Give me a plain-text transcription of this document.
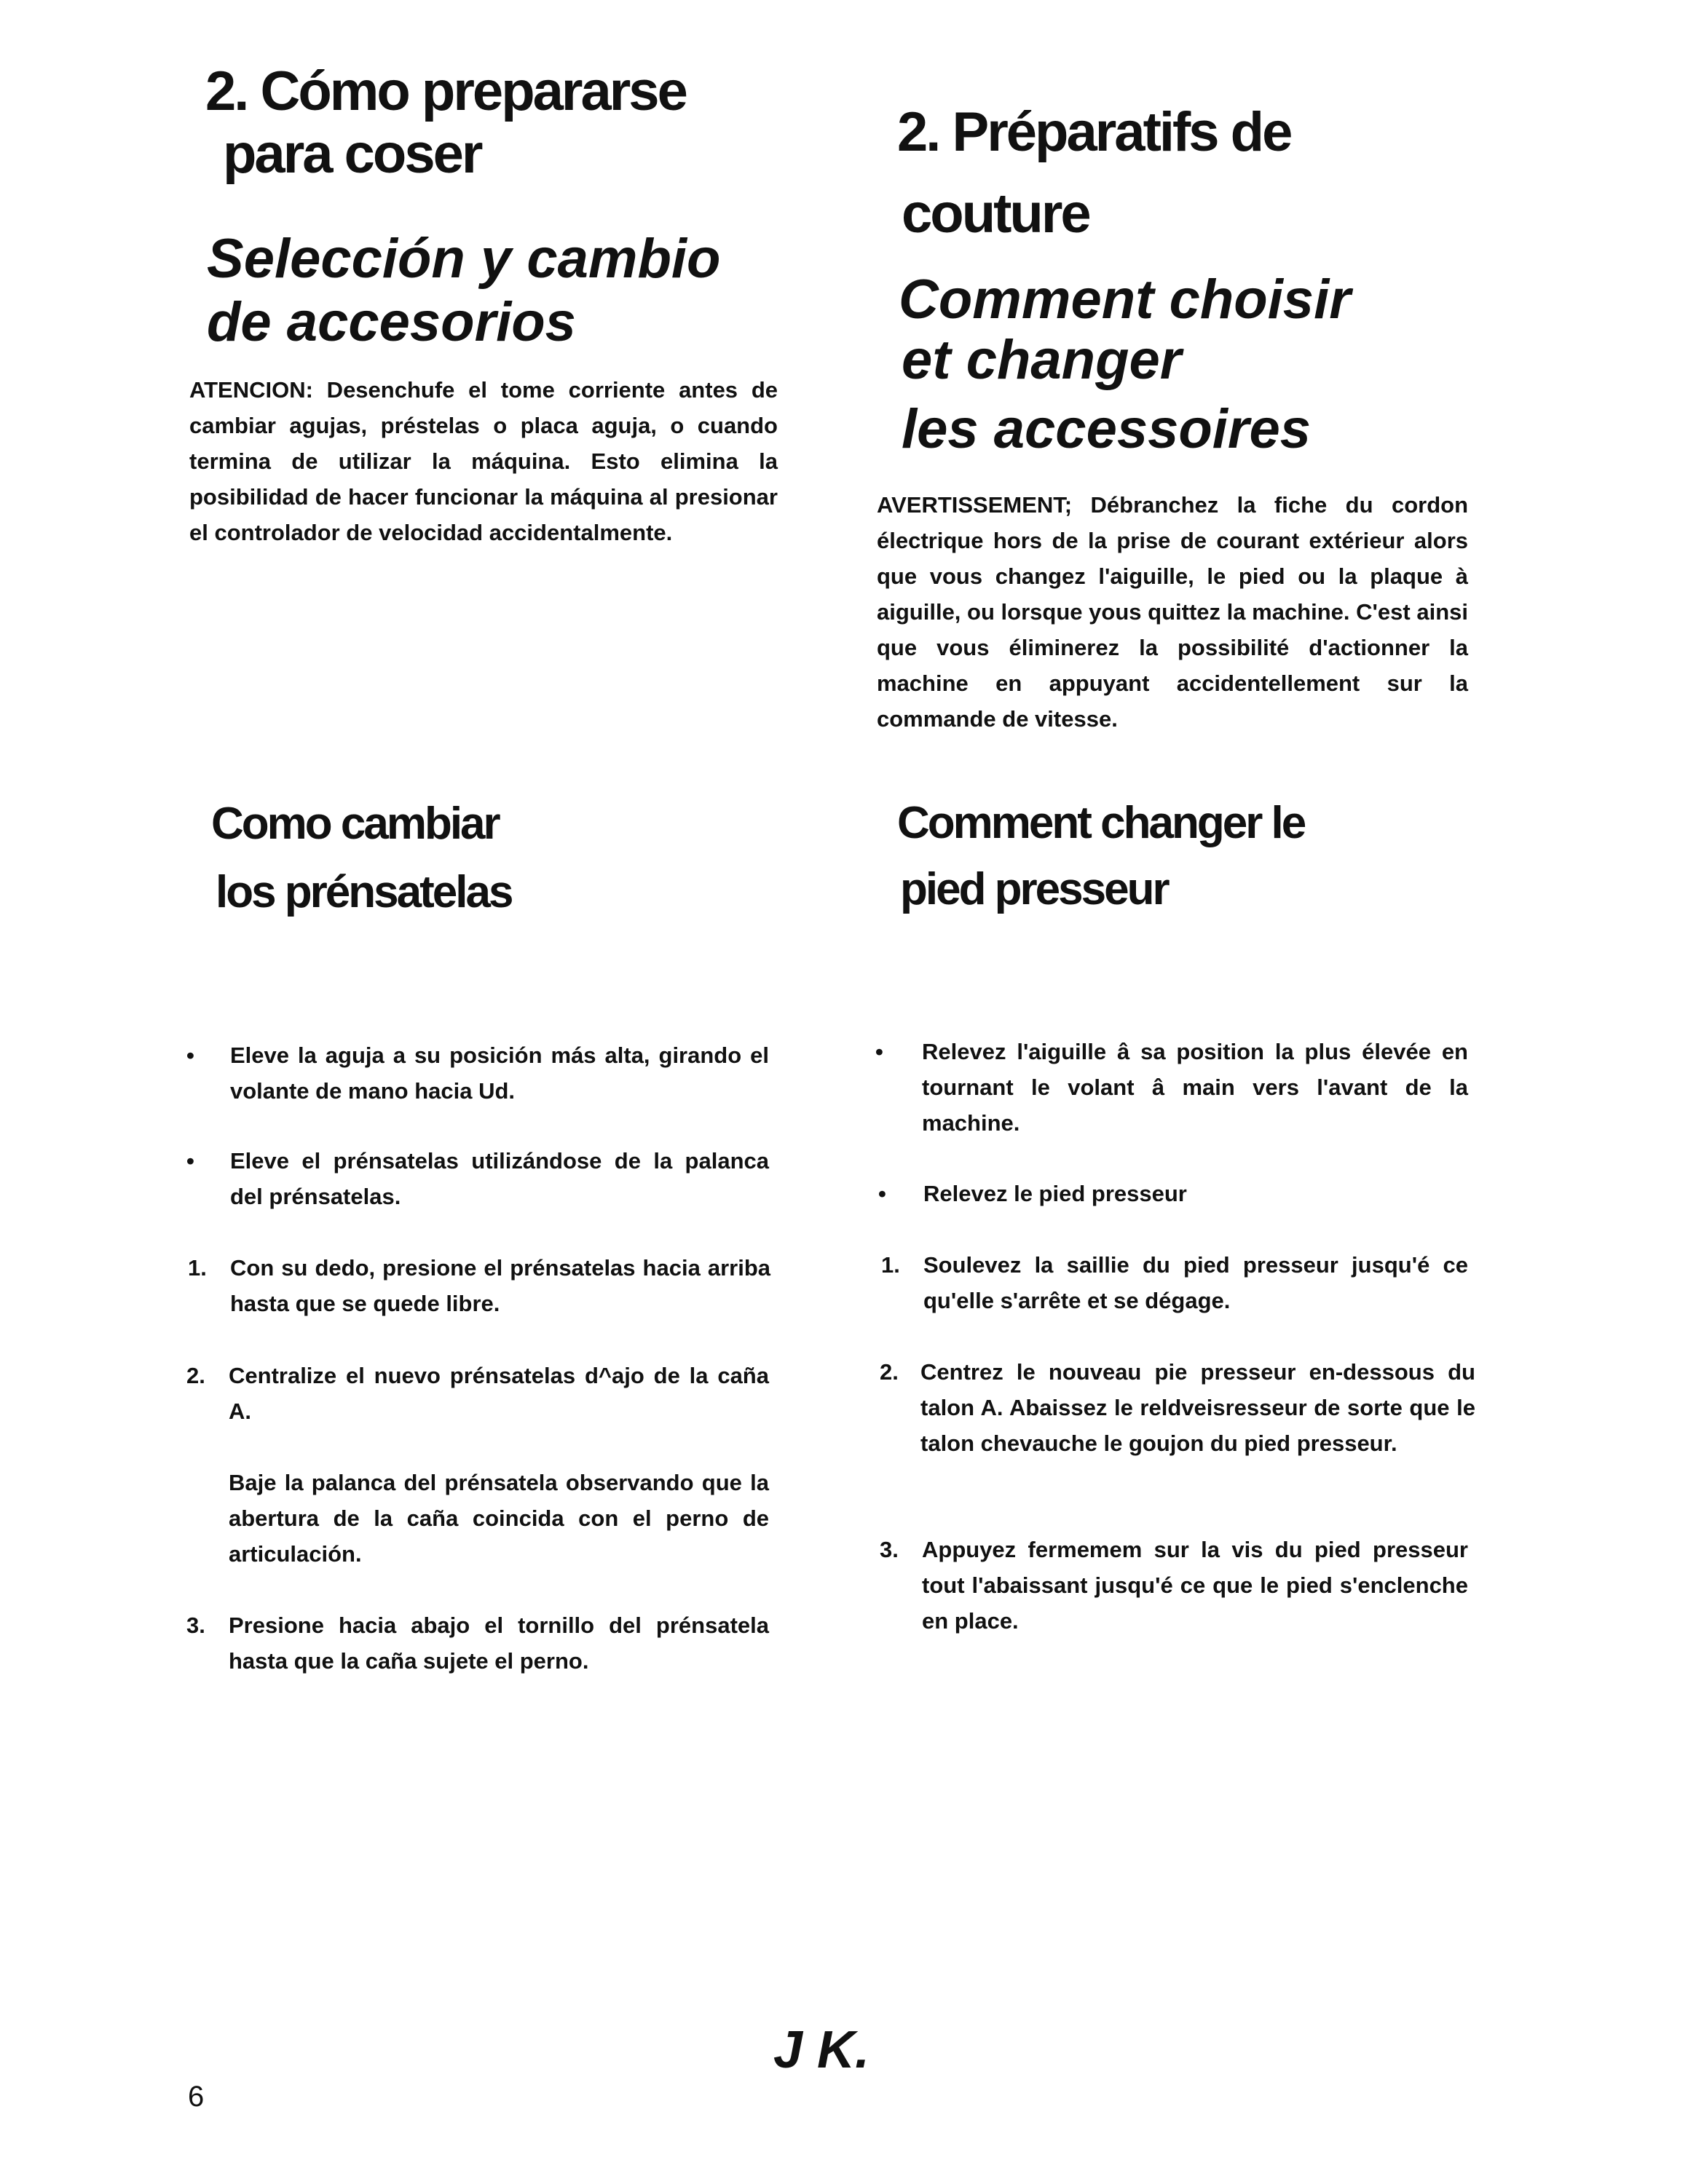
2. Cómo prepararse
para coser
Selección y cambio
de accesorios

ATENCION: Desenchufe el tome corriente antes de cambiar agujas, préstelas o placa aguja, o cuando termina de utilizar la máquina. Esto elimina la posibilidad de hacer funcionar la máquina al presionar el controlador de velocidad accidentalmente.

Como cambiar
los prénsatelas
• Eleve la aguja a su posición más alta, girando el volante de mano hacia Ud.
• Eleve el prénsatelas utilizándose de la palanca del prénsatelas.
1. Con su dedo, presione el prénsatelas hacia arriba hasta que se quede libre.
2. Centralize el nuevo prénsatelas d^ajo de la caña A.
Baje la palanca del prénsatela observando que la abertura de la caña coincida con el perno de articulación.
3. Presione hacia abajo el tornillo del prénsatela hasta que la caña sujete el perno.
2. Préparatifs de
couture
Comment choisir
et changer
les accessoires

AVERTISSEMENT; Débranchez la fiche du cordon électrique hors de la prise de courant extérieur alors que vous changez l'aiguille, le pied ou la plaque à aiguille, ou lorsque yous quittez la machine. C'est ainsi que vous éliminerez la possibilité d'actionner la machine en appuyant accidentellement sur la commande de vitesse.

Comment changer le
pied presseur
• Relevez l'aiguille â sa position la plus élevée en tournant le volant â main vers l'avant de la machine.
• Relevez le pied presseur
1. Soulevez la saillie du pied presseur jusqu'é ce qu'elle s'arrête et se dégage.
2. Centrez le nouveau pie presseur en-dessous du talon A. Abaissez le reldveisresseur de sorte que le talon chevauche le goujon du pied presseur.
3. Appuyez fermemem sur la vis du pied presseur tout l'abaissant jusqu'é ce que le pied s'enclenche en place.
J K.
6
